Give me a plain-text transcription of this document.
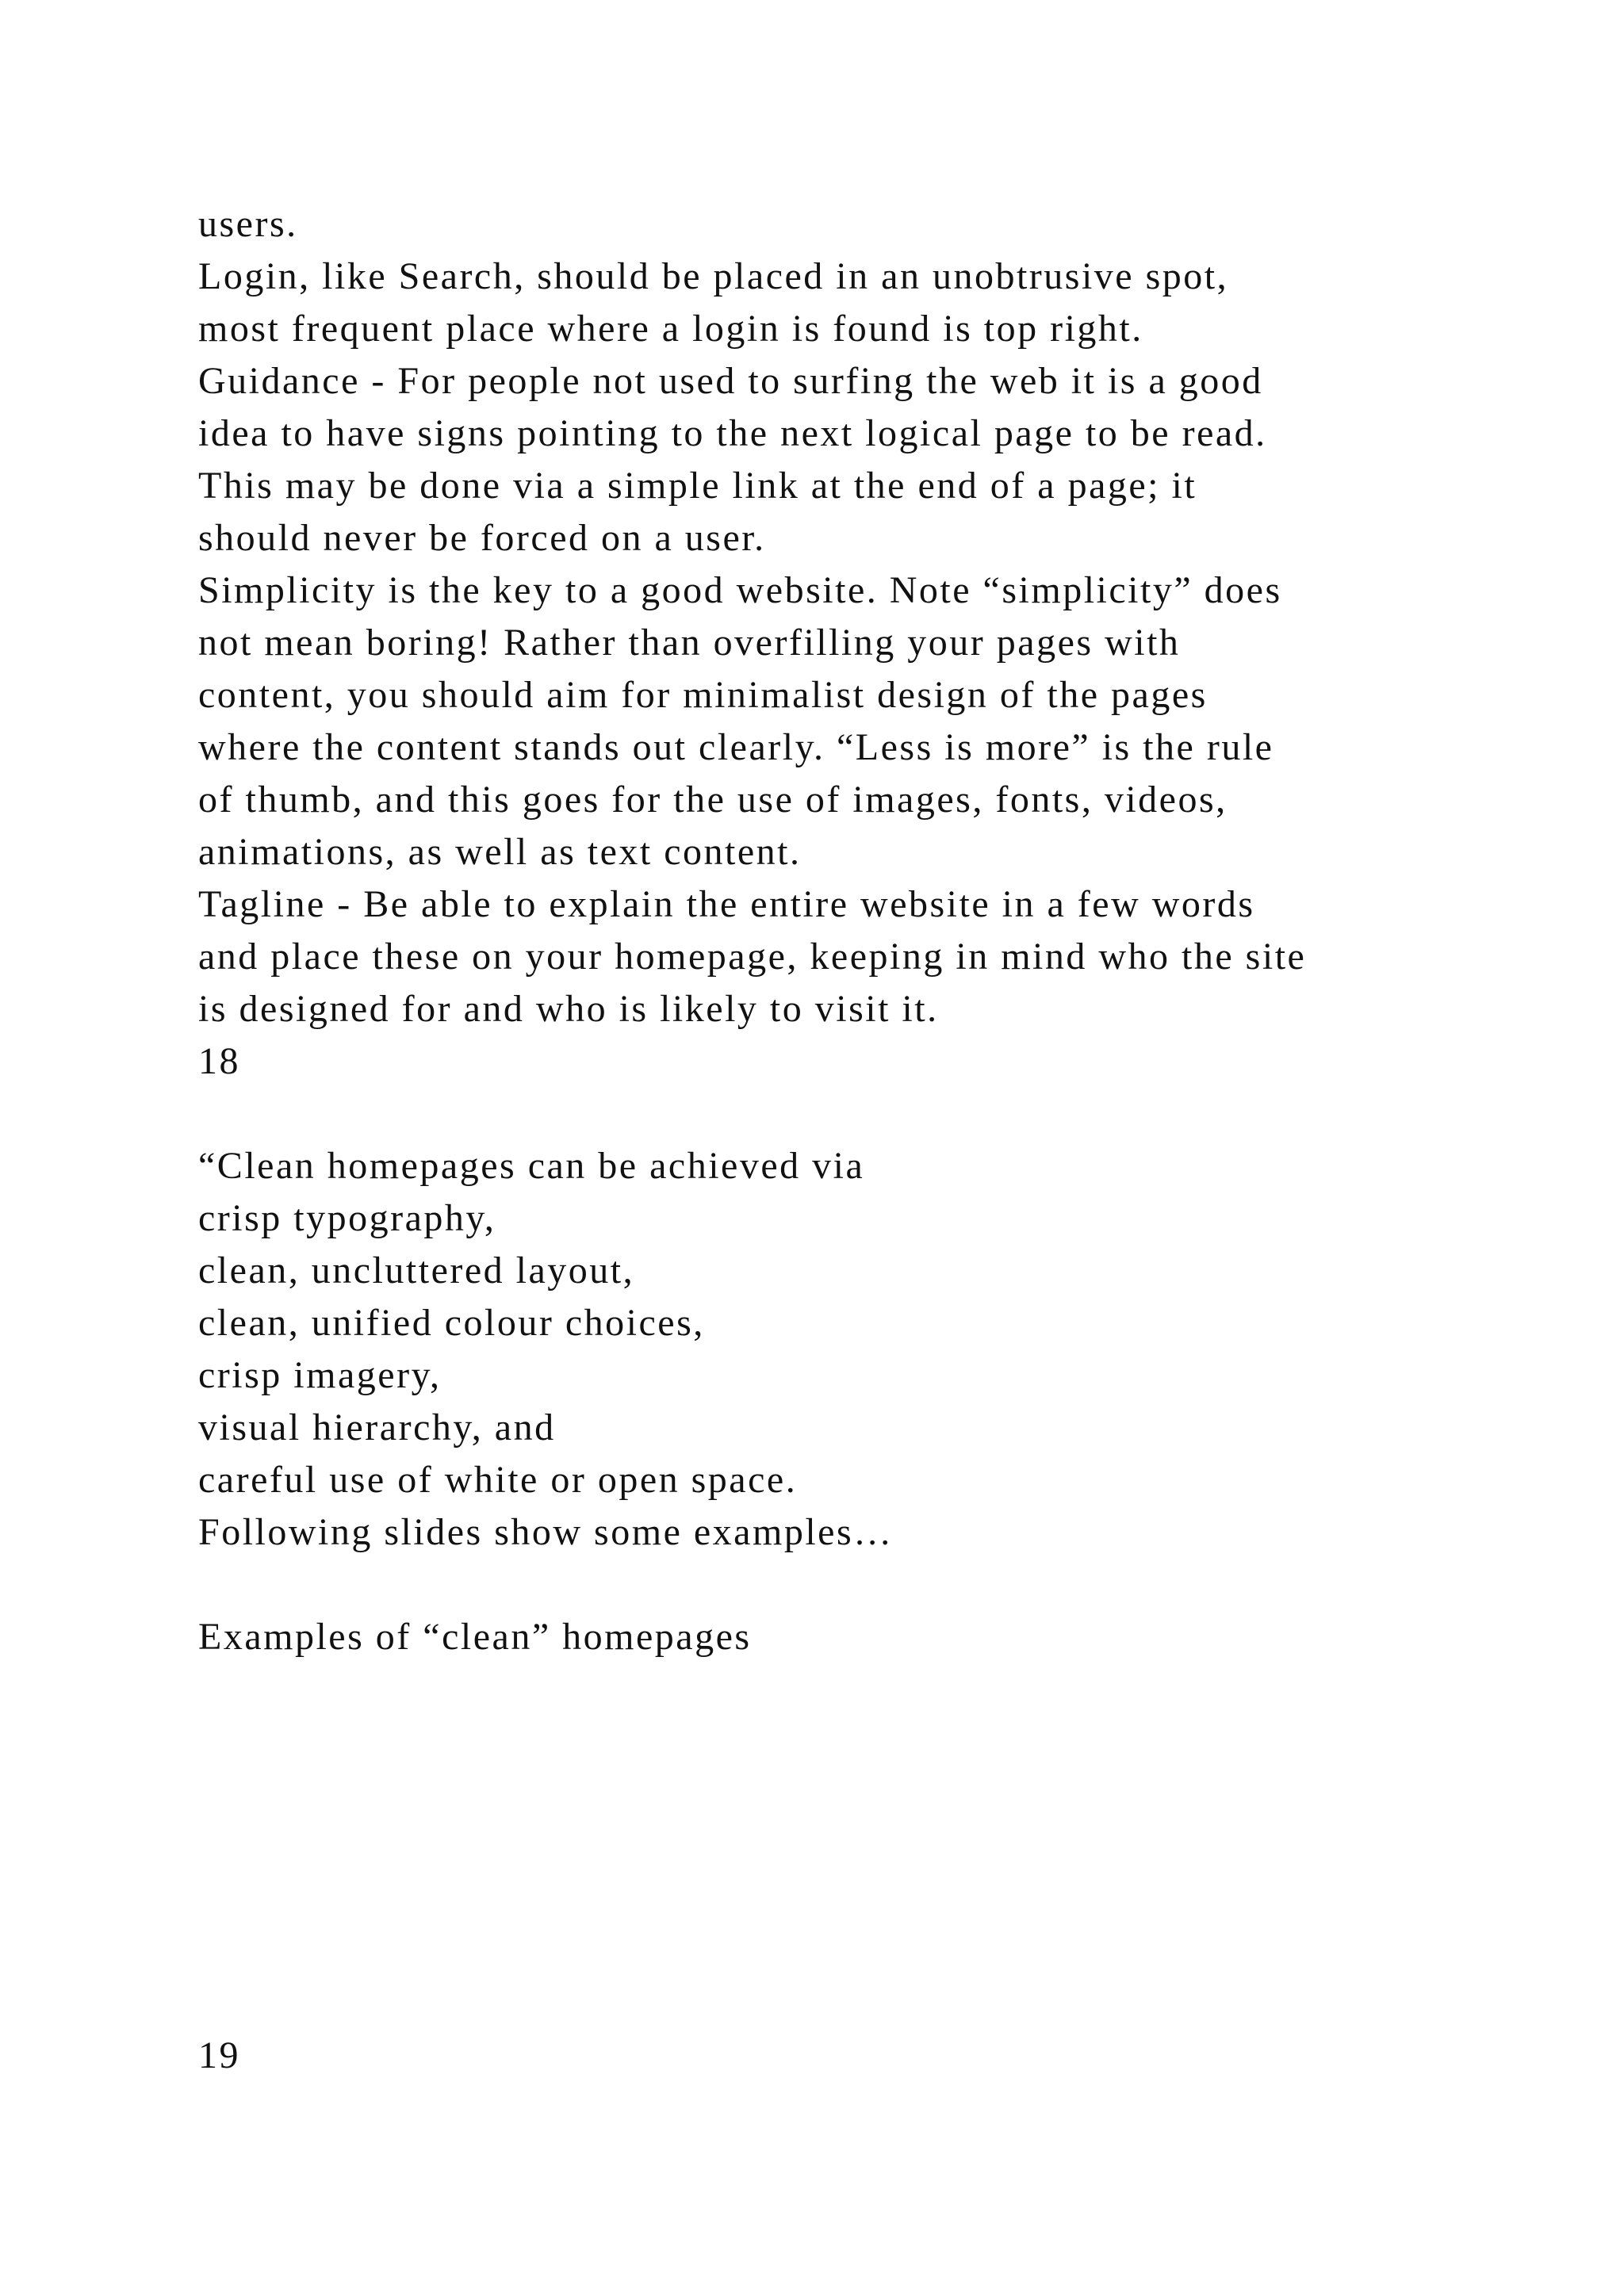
users.
Login, like Search, should be placed in an unobtrusive spot,
most frequent place where a login is found is top right.
Guidance - For people not used to surfing the web it is a good
idea to have signs pointing to the next logical page to be read.
This may be done via a simple link at the end of a page; it
should never be forced on a user.
Simplicity is the key to a good website. Note “simplicity” does
not mean boring! Rather than overfilling your pages with
content, you should aim for minimalist design of the pages
where the content stands out clearly. “Less is more” is the rule
of thumb, and this goes for the use of images, fonts, videos,
animations, as well as text content.
Tagline - Be able to explain the entire website in a few words
and place these on your homepage, keeping in mind who the site
is designed for and who is likely to visit it.
18
“Clean homepages can be achieved via
crisp typography,
clean, uncluttered layout,
clean, unified colour choices,
crisp imagery,
visual hierarchy, and
careful use of white or open space.
Following slides show some examples…
Examples of “clean” homepages
19
